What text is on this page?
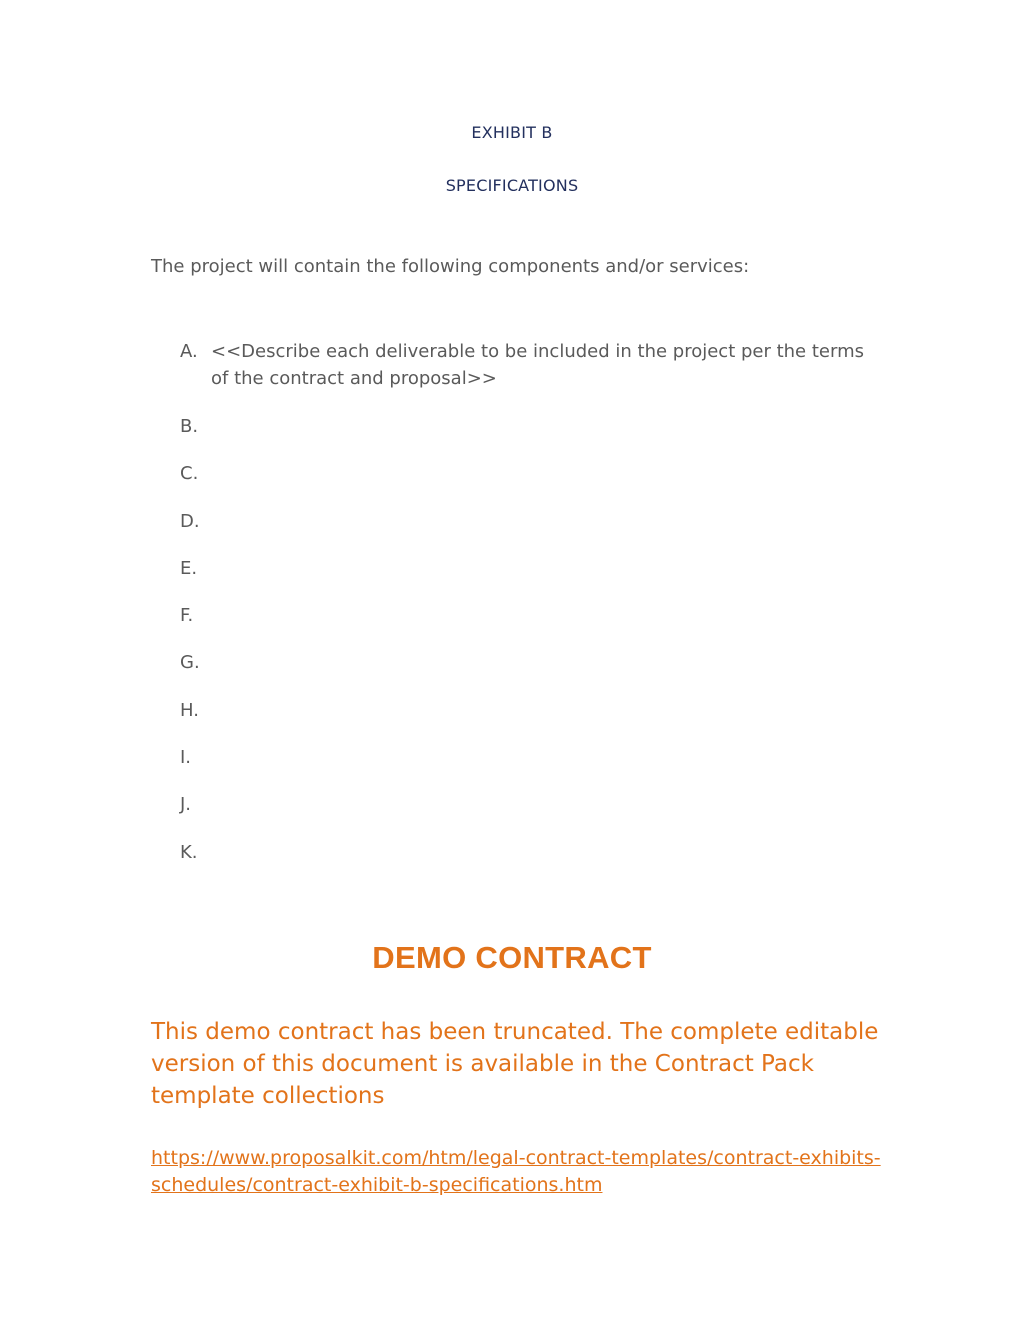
EXHIBIT B
SPECIFICATIONS

The project will contain the following components and/or services:

A. <<Describe each deliverable to be included in the project per the terms of the contract and proposal>>
B.
C.
D.
E.
F.
G.
H.
I.
J.
K.
DEMO CONTRACT

This demo contract has been truncated. The complete editable version of this document is available in the Contract Pack template collections

https://www.proposalkit.com/htm/legal-contract-templates/contract-exhibits-schedules/contract-exhibit-b-specifications.htm
